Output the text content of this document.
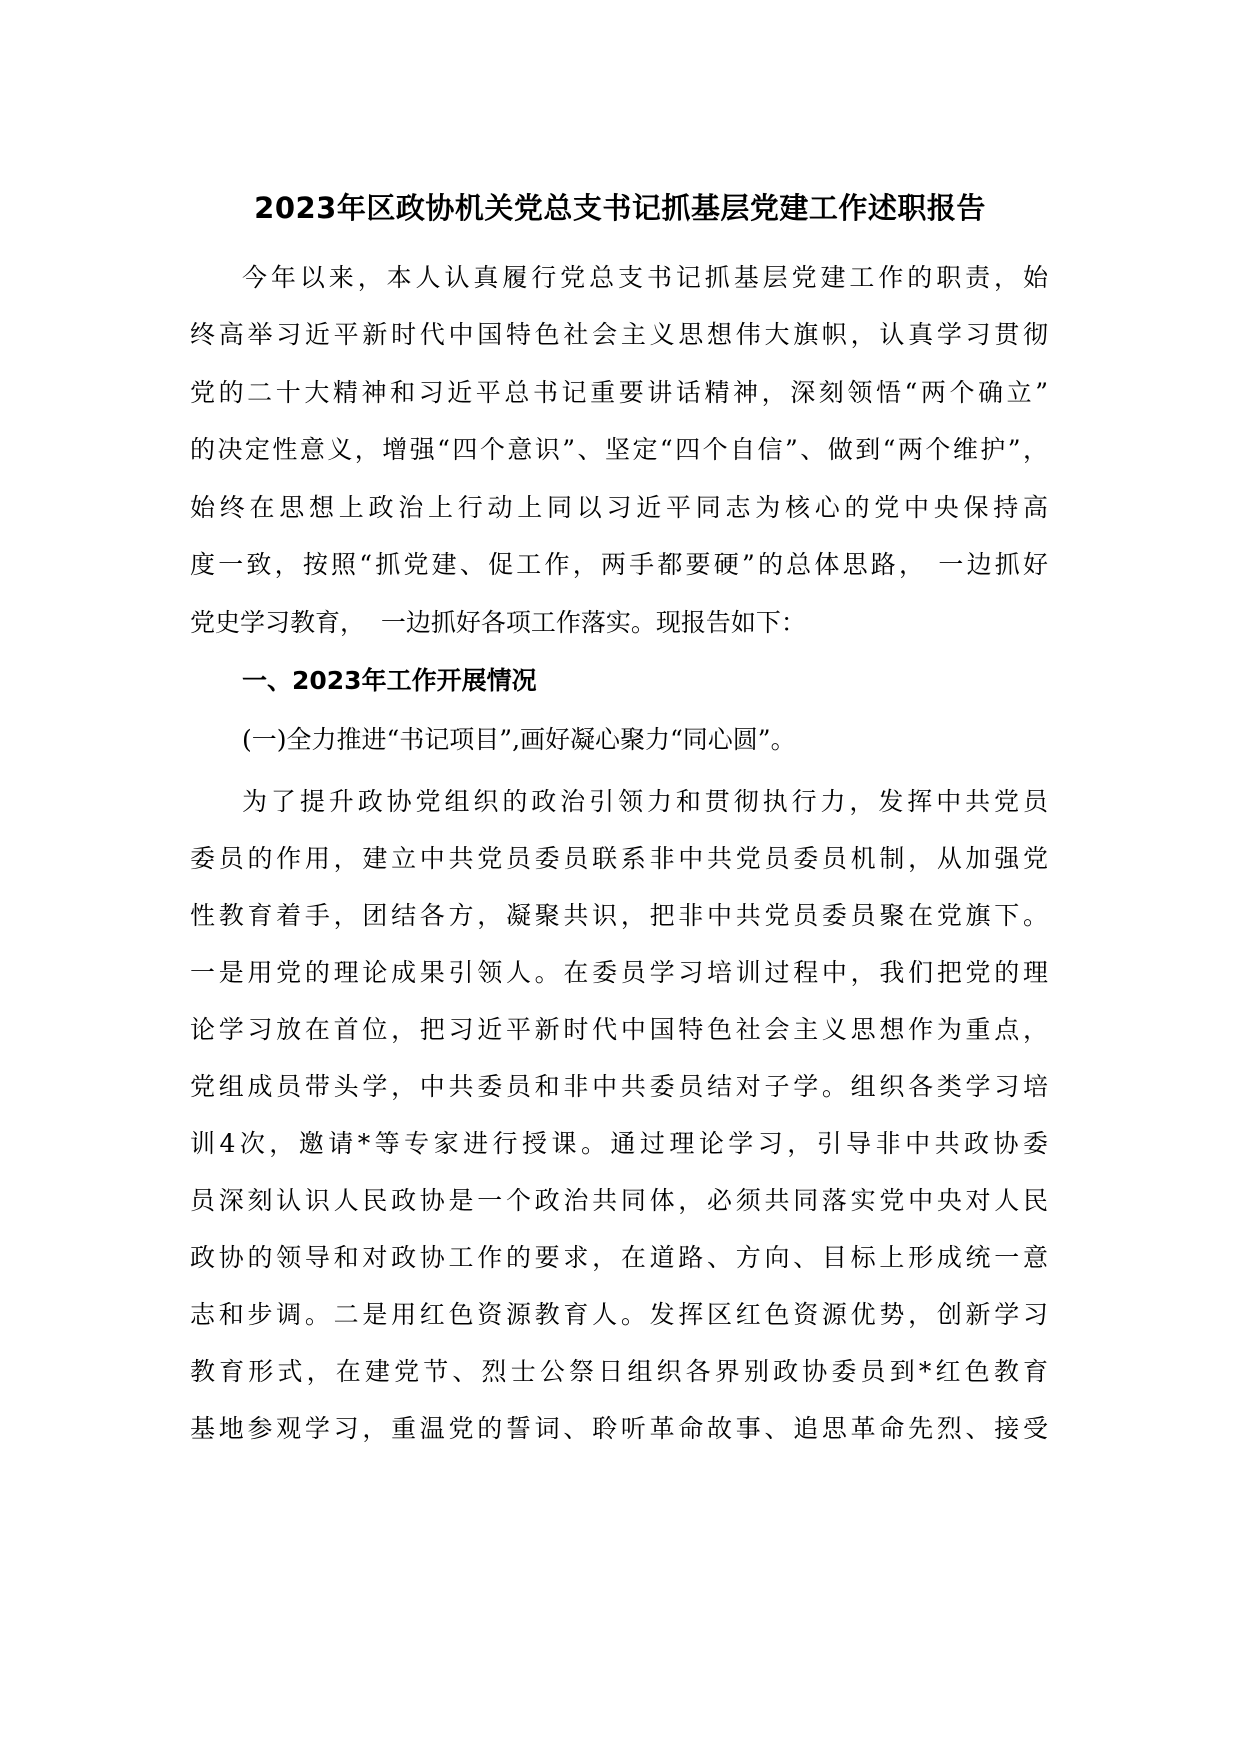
2023年区政协机关党总支书记抓基层党建工作述职报告
今年以来，本人认真履行党总支书记抓基层党建工作的职责，始
终高举习近平新时代中国特色社会主义思想伟大旗帜，认真学习贯彻
党的二十大精神和习近平总书记重要讲话精神，深刻领悟“两个确立”
的决定性意义，增强“四个意识”、坚定“四个自信”、做到“两个维护”，
始终在思想上政治上行动上同以习近平同志为核心的党中央保持高
度一致，按照“抓党建、促工作，两手都要硬”的总体思路， 一边抓好
党史学习教育，  一边抓好各项工作落实。现报告如下：
一、2023年工作开展情况
(一)全力推进“书记项目”,画好凝心聚力“同心圆”。
为了提升政协党组织的政治引领力和贯彻执行力，发挥中共党员
委员的作用，建立中共党员委员联系非中共党员委员机制，从加强党
性教育着手，团结各方，凝聚共识，把非中共党员委员聚在党旗下。
一是用党的理论成果引领人。在委员学习培训过程中，我们把党的理
论学习放在首位，把习近平新时代中国特色社会主义思想作为重点，
党组成员带头学，中共委员和非中共委员结对子学。组织各类学习培
训4次，邀请*等专家进行授课。通过理论学习，引导非中共政协委
员深刻认识人民政协是一个政治共同体，必须共同落实党中央对人民
政协的领导和对政协工作的要求，在道路、方向、目标上形成统一意
志和步调。二是用红色资源教育人。发挥区红色资源优势，创新学习
教育形式，在建党节、烈士公祭日组织各界别政协委员到*红色教育
基地参观学习，重温党的誓词、聆听革命故事、追思革命先烈、接受
